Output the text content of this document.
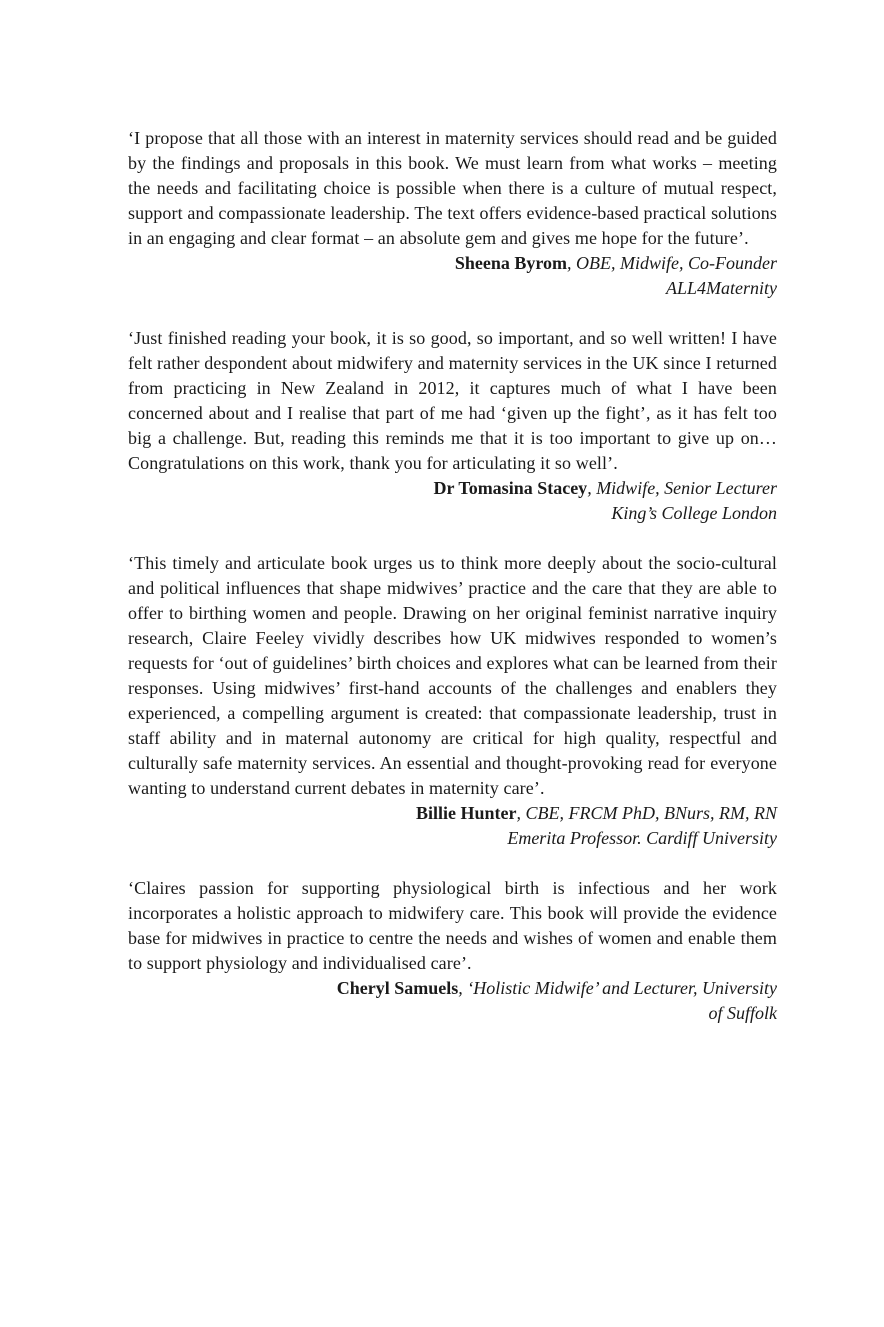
‘I propose that all those with an interest in maternity services should read and be guided by the findings and proposals in this book. We must learn from what works – meeting the needs and facilitating choice is possible when there is a culture of mutual respect, support and compassionate leadership. The text offers evidence-based practical solutions in an engaging and clear format – an absolute gem and gives me hope for the future’.

Sheena Byrom, OBE, Midwife, Co-Founder
ALL4Maternity

‘Just finished reading your book, it is so good, so important, and so well written! I have felt rather despondent about midwifery and maternity services in the UK since I returned from practicing in New Zealand in 2012, it captures much of what I have been concerned about and I realise that part of me had ‘given up the fight’, as it has felt too big a challenge. But, reading this reminds me that it is too important to give up on… Congratulations on this work, thank you for articulating it so well’.

Dr Tomasina Stacey, Midwife, Senior Lecturer
King’s College London

‘This timely and articulate book urges us to think more deeply about the socio-cultural and political influences that shape midwives’ practice and the care that they are able to offer to birthing women and people. Drawing on her original feminist narrative inquiry research, Claire Feeley vividly describes how UK midwives responded to women’s requests for ‘out of guidelines’ birth choices and explores what can be learned from their responses. Using midwives’ first-hand accounts of the challenges and enablers they experienced, a compelling argument is created: that compassionate leadership, trust in staff ability and in maternal autonomy are critical for high quality, respectful and culturally safe maternity services. An essential and thought-provoking read for everyone wanting to understand current debates in maternity care’.

Billie Hunter, CBE, FRCM PhD, BNurs, RM, RN
Emerita Professor. Cardiff University

‘Claires passion for supporting physiological birth is infectious and her work incorporates a holistic approach to midwifery care. This book will provide the evidence base for midwives in practice to centre the needs and wishes of women and enable them to support physiology and individualised care’.

Cheryl Samuels, ‘Holistic Midwife’ and Lecturer, University
of Suffolk
